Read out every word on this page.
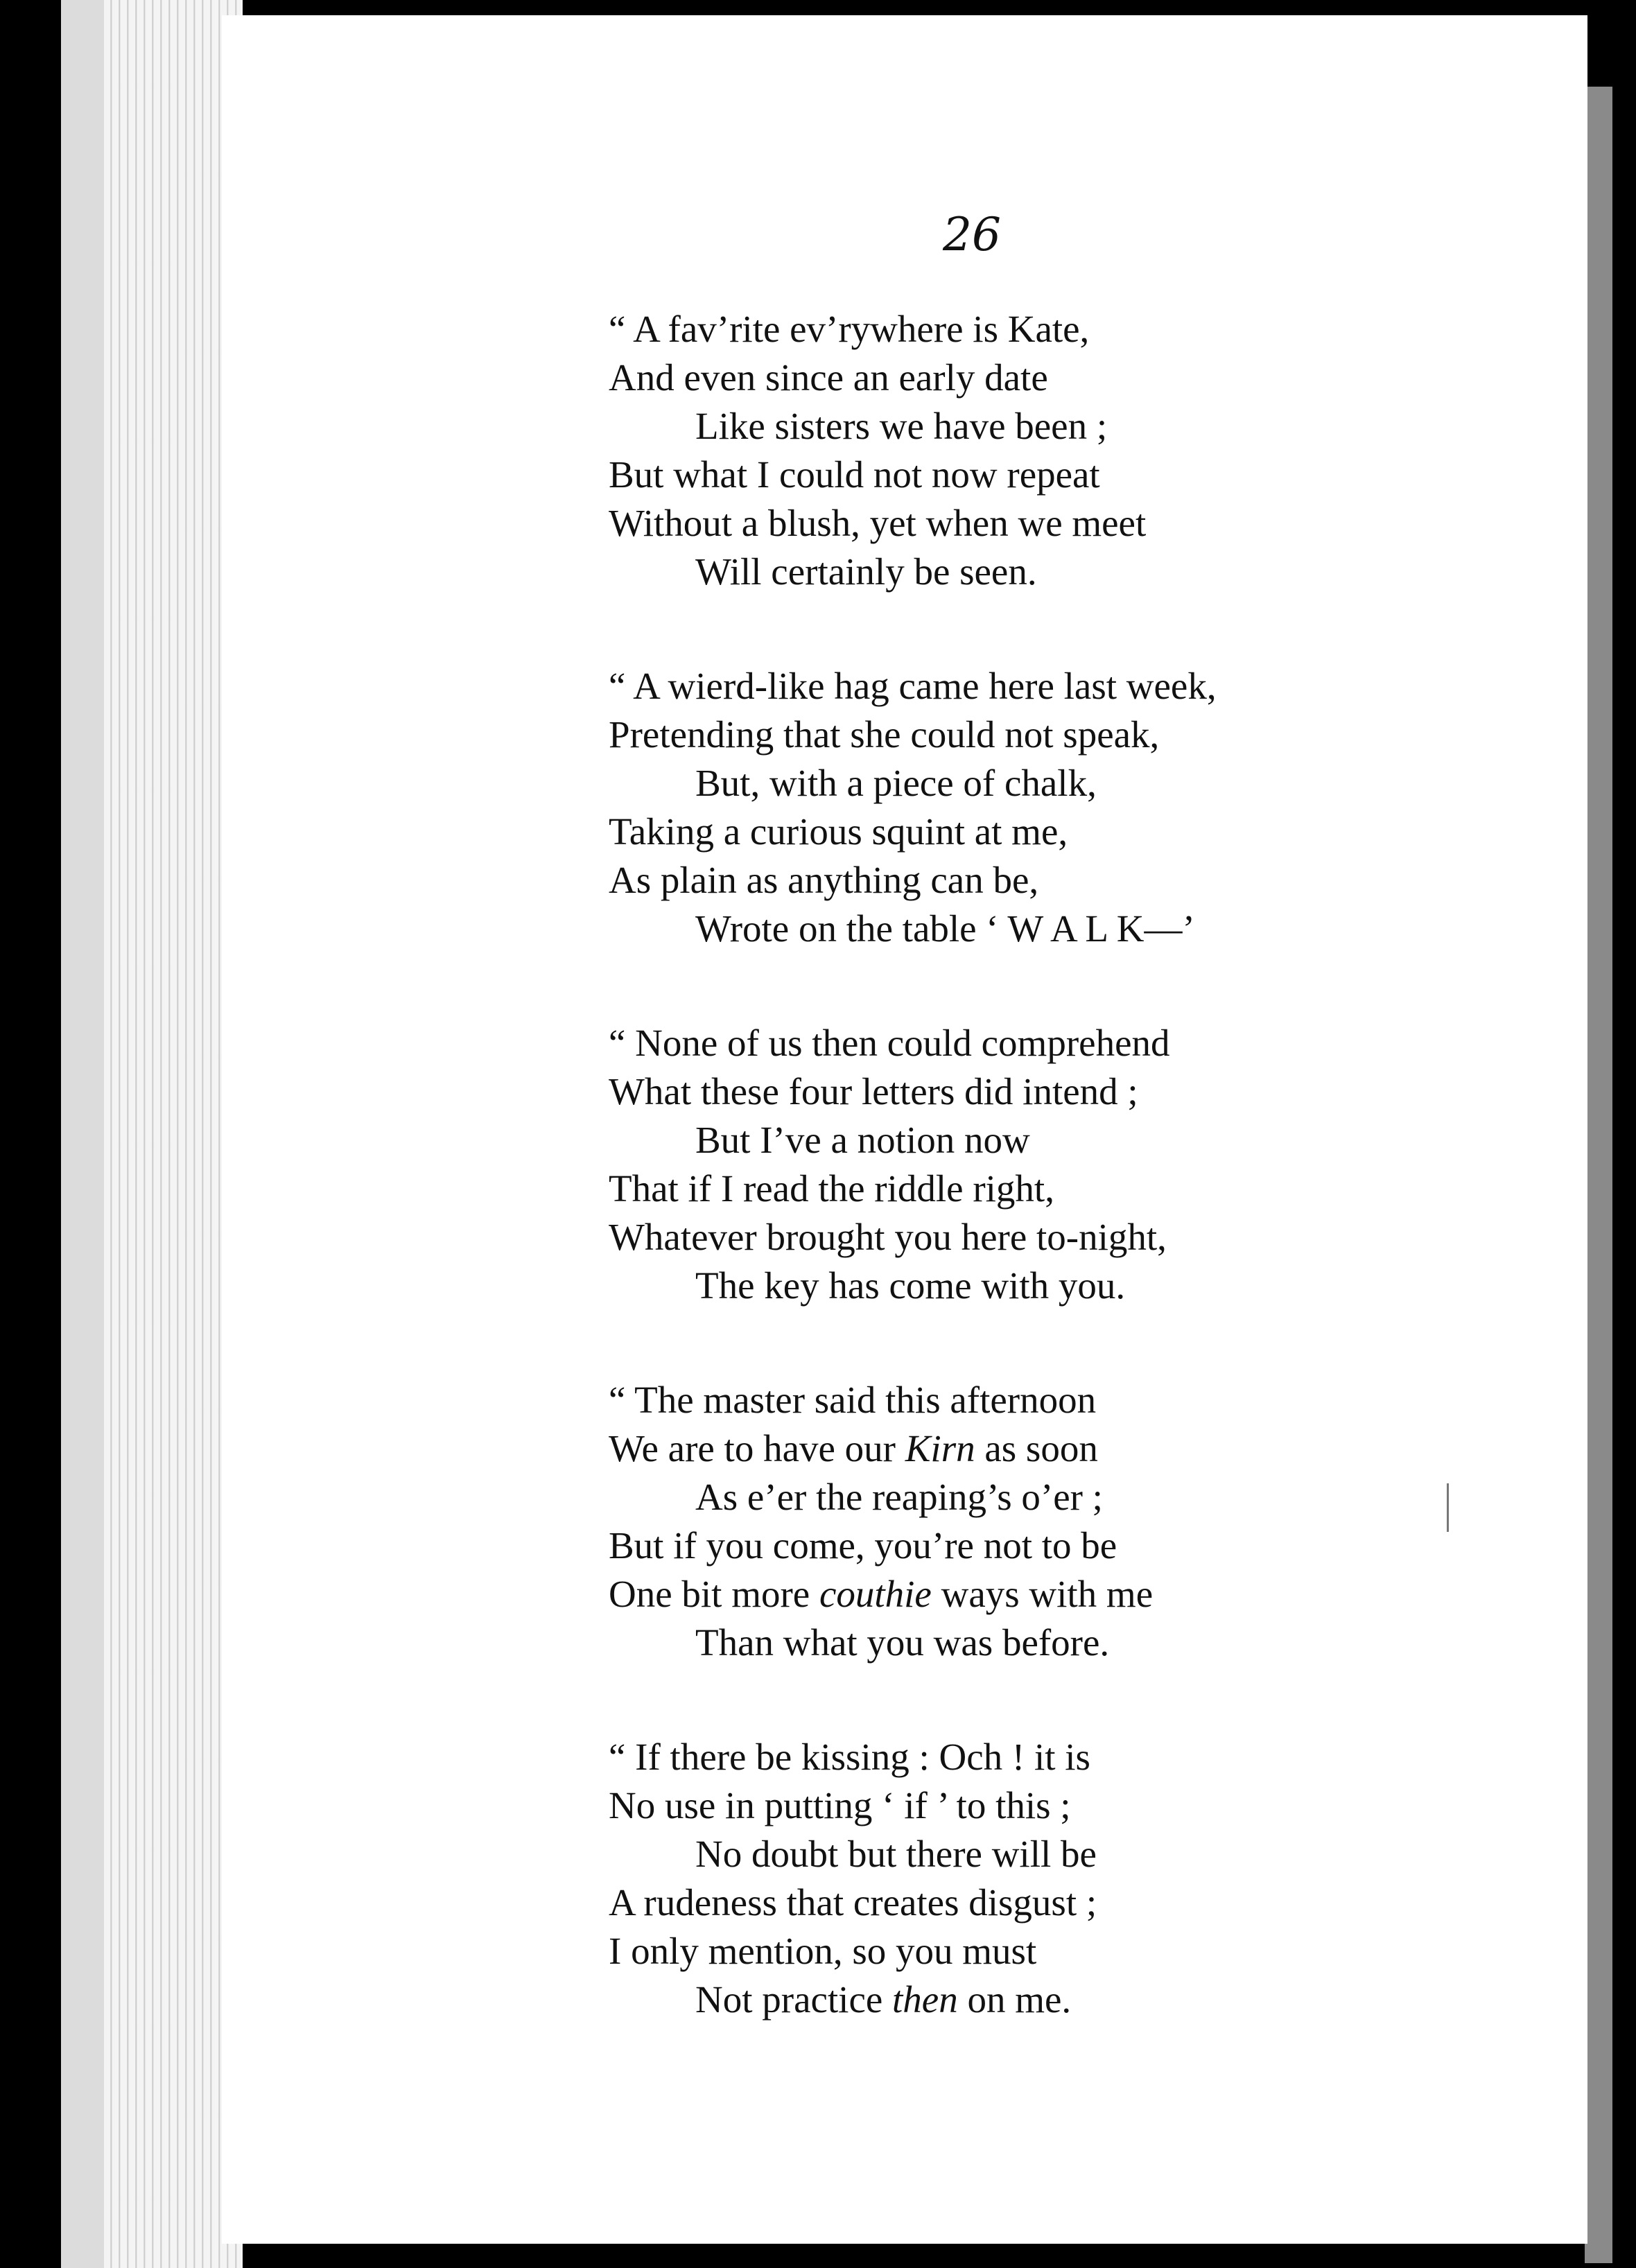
26

“ A fav’rite ev’rywhere is Kate,
And even since an early date
Like sisters we have been ;
But what I could not now repeat
Without a blush, yet when we meet
Will certainly be seen.
“ A wierd-like hag came here last week,
Pretending that she could not speak,
But, with a piece of chalk,
Taking a curious squint at me,
As plain as anything can be,
Wrote on the table ‘ W A L K—’
“ None of us then could comprehend
What these four letters did intend ;
But I’ve a notion now
That if I read the riddle right,
Whatever brought you here to-night,
The key has come with you.
“ The master said this afternoon
We are to have our Kirn as soon
As e’er the reaping’s o’er ;
But if you come, you’re not to be
One bit more couthie ways with me
Than what you was before.
“ If there be kissing : Och ! it is
No use in putting ‘ if ’ to this ;
No doubt but there will be
A rudeness that creates disgust ;
I only mention, so you must
Not practice then on me.
